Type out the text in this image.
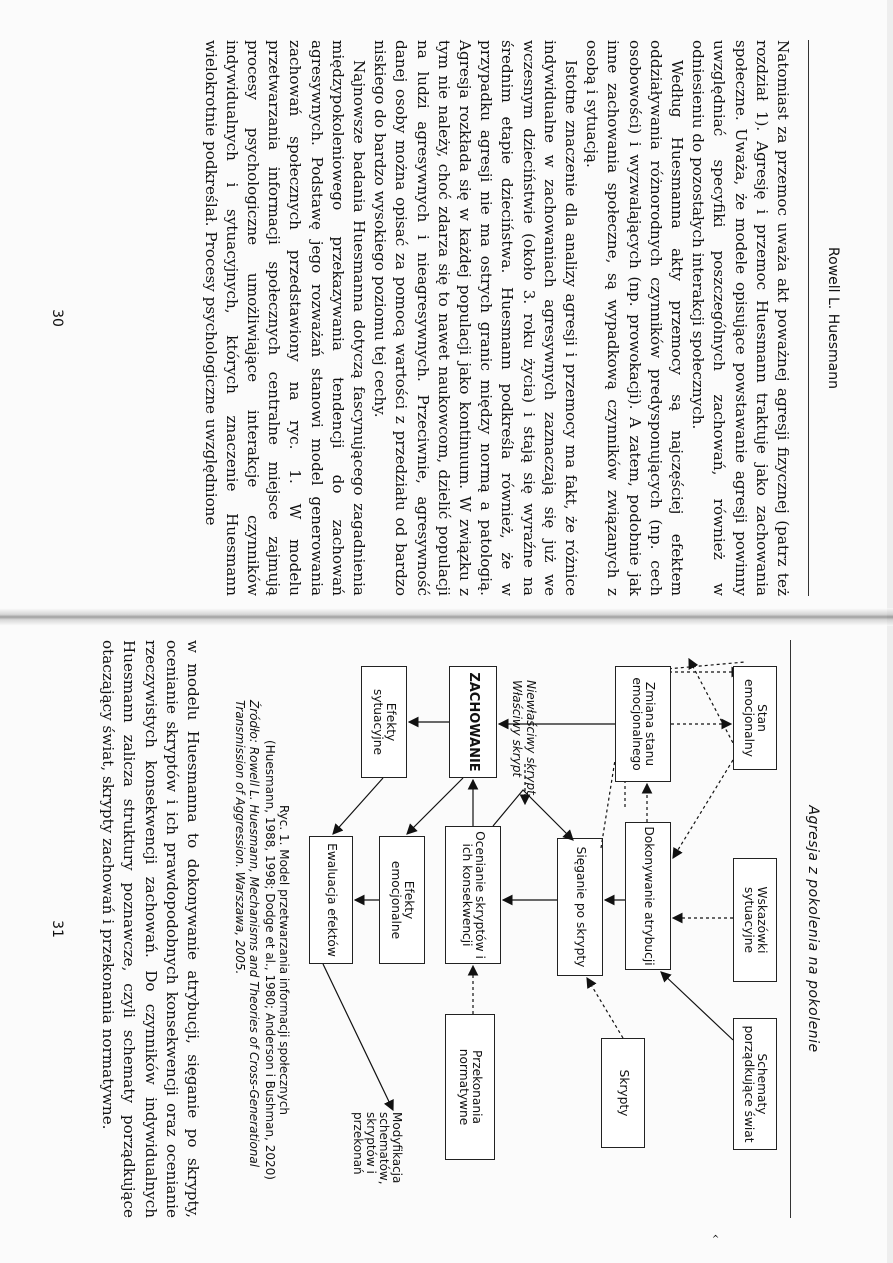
Rowell L. Huesmann

Natomiast za przemoc uważa akt poważnej agresji fizycznej (patrz też rozdział 1). Agresję i przemoc Huesmann traktuje jako zachowania społeczne. Uważa, że modele opisujące powstawanie agresji powinny uwzględniać specyfiki poszczególnych zachowań, również w odniesieniu do pozostałych interakcji społecznych.

Według Huesmanna akty przemocy są najczęściej efektem oddziaływania różnorodnych czynników predysponujących (np. cech osobowości) i wyzwalających (np. prowokacji). A zatem, podobnie jak inne zachowania społeczne, są wypadkową czynników związanych z osobą i sytuacją.

Istotne znaczenie dla analizy agresji i przemocy ma fakt, że różnice indywidualne w zachowaniach agresywnych zaznaczają się już we wczesnym dzieciństwie (około 3. roku życia) i stają się wyraźne na średnim etapie dzieciństwa. Huesmann podkreśla również, że w przypadku agresji nie ma ostrych granic między normą a patologią. Agresja rozkłada się w każdej populacji jako kontinuum. W związku z tym nie należy, choć zdarza się to nawet naukowcom, dzielić populacji na ludzi agresywnych i nieagresywnych. Przeciwnie, agresywność danej osoby można opisać za pomocą wartości z przedziału od bardzo niskiego do bardzo wysokiego poziomu tej cechy.

Najnowsze badania Huesmanna dotyczą fascynującego zagadnienia międzypokoleniowego przekazywania tendencji do zachowań agresywnych. Podstawę jego rozważań stanowi model generowania zachowań społecznych przedstawiony na ryc. 1. W modelu przetwarzania informacji społecznych centralne miejsce zajmują procesy psychologiczne umożliwiające interakcje czynników indywidualnych i sytuacyjnych, których znaczenie Huesmann wielokrotnie podkreślał. Procesy psychologiczne uwzględnione

30
Agresja z pokolenia na pokolenie
‹
Stan emocjonalny
Wskazówki sytuacyjne
Schematy porządkujące świat
Zmiana stanu emocjonalnego
Dokonywanie atrybucji
Skrypty
Sięganie po skrypty
ZACHOWANIE
Ocenianie skryptów i ich konsekwencji
Przekonania normatywne
Efekty sytuacyjne
Efekty emocjonalne
Ewaluacja efektów
Niewłaściwy skrypt
Właściwy skrypt
Modyfikacja schematów, skryptów i przekonań
Ryc. 1. Model przetwarzania informacji społecznych
(Huesmann, 1988, 1998; Dodge et al., 1980; Anderson i Bushman, 2020)
Źródło: Rowell L. Huesmann, Mechanisms and Theories of Cross-Generational Transmission of Aggression. Warszawa, 2005.

w modelu Huesmanna to dokonywanie atrybucji, sięganie po skrypty, ocenianie skryptów i ich prawdopodobnych konsekwencji oraz ocenianie rzeczywistych konsekwencji zachowań. Do czynników indywidualnych Huesmann zalicza struktury poznawcze, czyli schematy porządkujące otaczający świat, skrypty zachowań i przekonania normatywne.

31
